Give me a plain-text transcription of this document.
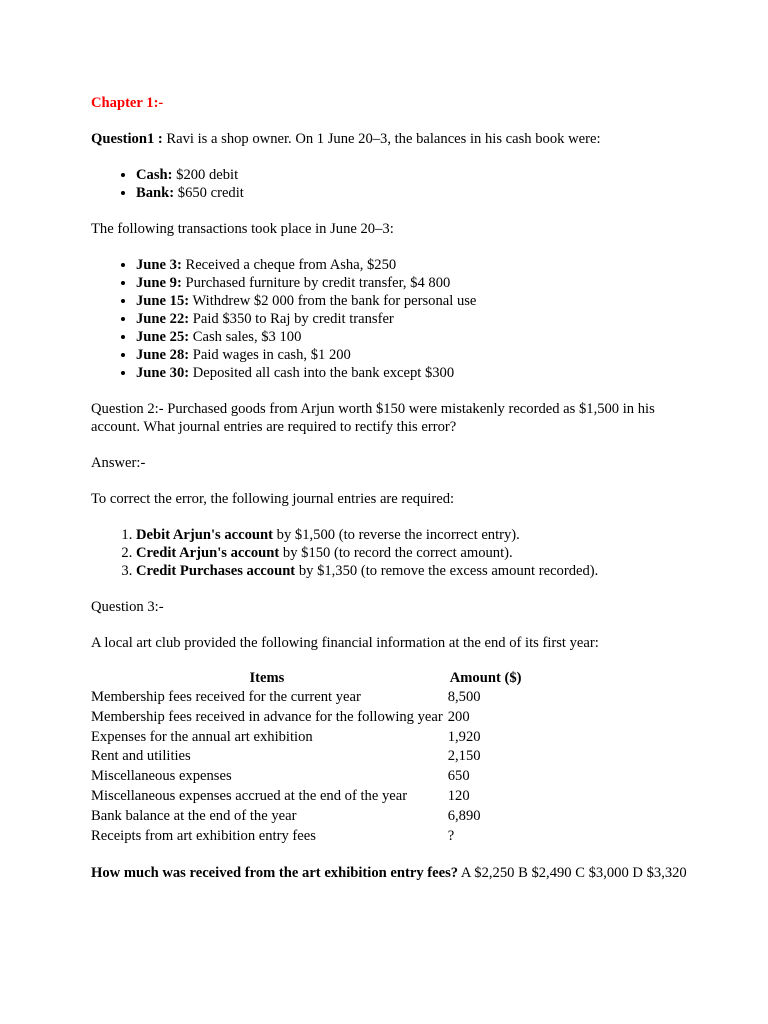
Chapter 1:-

Question1 : Ravi is a shop owner. On 1 June 20–3, the balances in his cash book were:

• Cash: $200 debit
• Bank: $650 credit

The following transactions took place in June 20–3:

• June 3: Received a cheque from Asha, $250
• June 9: Purchased furniture by credit transfer, $4 800
• June 15: Withdrew $2 000 from the bank for personal use
• June 22: Paid $350 to Raj by credit transfer
• June 25: Cash sales, $3 100
• June 28: Paid wages in cash, $1 200
• June 30: Deposited all cash into the bank except $300

Question 2:- Purchased goods from Arjun worth $150 were mistakenly recorded as $1,500 in his account. What journal entries are required to rectify this error?

Answer:-

To correct the error, the following journal entries are required:

1. Debit Arjun's account by $1,500 (to reverse the incorrect entry).
2. Credit Arjun's account by $150 (to record the correct amount).
3. Credit Purchases account by $1,350 (to remove the excess amount recorded).

Question 3:-

A local art club provided the following financial information at the end of its first year:

Items	Amount ($)
Membership fees received for the current year	8,500
Membership fees received in advance for the following year	200
Expenses for the annual art exhibition	1,920
Rent and utilities	2,150
Miscellaneous expenses	650
Miscellaneous expenses accrued at the end of the year	120
Bank balance at the end of the year	6,890
Receipts from art exhibition entry fees	?

How much was received from the art exhibition entry fees? A $2,250 B $2,490 C $3,000 D $3,320
